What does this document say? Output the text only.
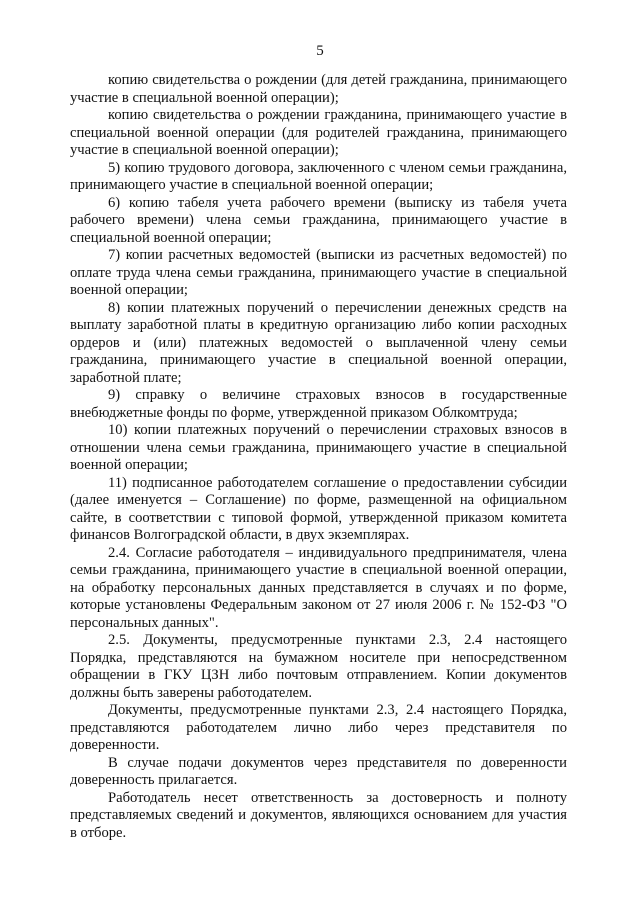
5

копию свидетельства о рождении (для детей гражданина, принимающего участие в специальной военной операции);

копию свидетельства о рождении гражданина, принимающего участие в специальной военной операции (для родителей гражданина, принимающего участие в специальной военной операции);

5) копию трудового договора, заключенного с членом семьи гражданина, принимающего участие в специальной военной операции;

6) копию табеля учета рабочего времени (выписку из табеля учета рабочего времени) члена семьи гражданина, принимающего участие в специальной военной операции;

7) копии расчетных ведомостей (выписки из расчетных ведомостей) по оплате труда члена семьи гражданина, принимающего участие в специальной военной операции;

8) копии платежных поручений о перечислении денежных средств на выплату заработной платы в кредитную организацию либо копии расходных ордеров и (или) платежных ведомостей о выплаченной члену семьи гражданина, принимающего участие в специальной военной операции, заработной плате;

9) справку о величине страховых взносов в государственные внебюджетные фонды по форме, утвержденной приказом Облкомтруда;

10) копии платежных поручений о перечислении страховых взносов в отношении члена семьи гражданина, принимающего участие в специальной военной операции;

11) подписанное работодателем соглашение о предоставлении субсидии (далее именуется – Соглашение) по форме, размещенной на официальном сайте, в соответствии с типовой формой, утвержденной приказом комитета финансов Волгоградской области, в двух экземплярах.

2.4. Согласие работодателя – индивидуального предпринимателя, члена семьи гражданина, принимающего участие в специальной военной операции, на обработку персональных данных представляется в случаях и по форме, которые установлены Федеральным законом от 27 июля 2006 г. № 152-ФЗ "О персональных данных".

2.5. Документы, предусмотренные пунктами 2.3, 2.4 настоящего Порядка, представляются на бумажном носителе при непосредственном обращении в ГКУ ЦЗН либо почтовым отправлением. Копии документов должны быть заверены работодателем.

Документы, предусмотренные пунктами 2.3, 2.4 настоящего Порядка, представляются работодателем лично либо через представителя по доверенности.

В случае подачи документов через представителя по доверенности доверенность прилагается.

Работодатель несет ответственность за достоверность и полноту представляемых сведений и документов, являющихся основанием для участия в отборе.
